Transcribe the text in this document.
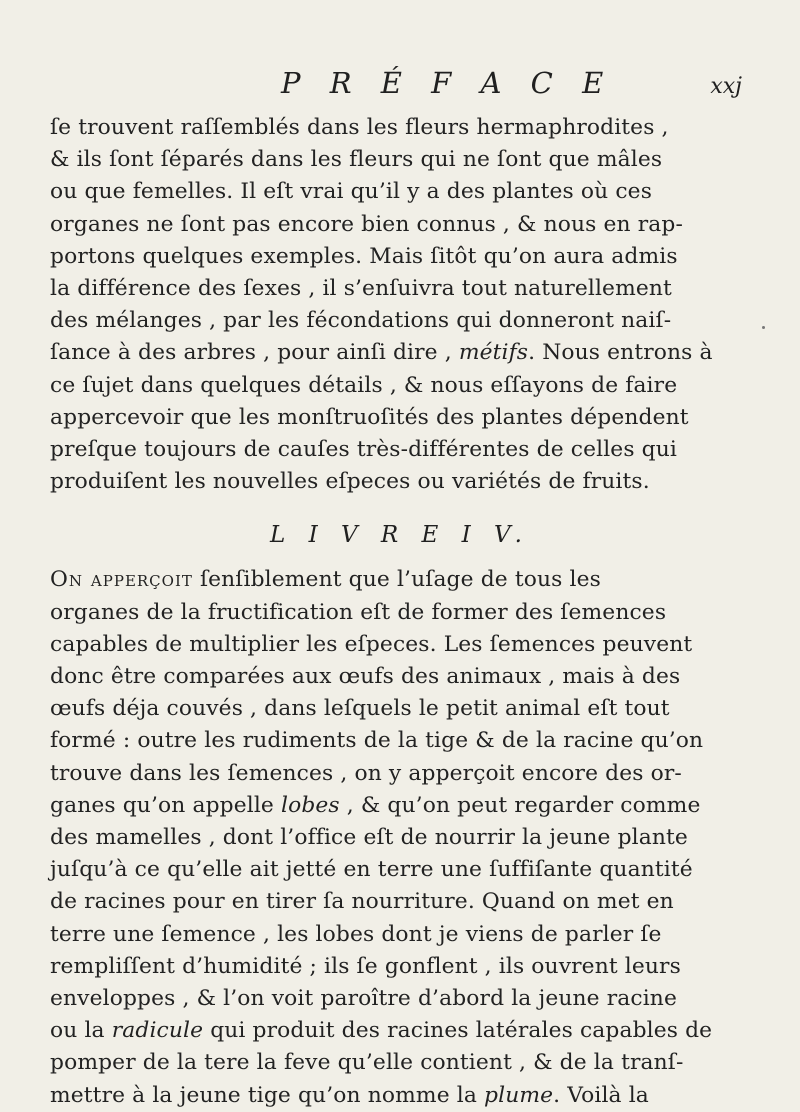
P R É F A C E	xxj
ſe trouvent raſſemblés dans les fleurs hermaphrodites ,
& ils ſont ſéparés dans les fleurs qui ne ſont que mâles
ou que femelles. Il eſt vrai qu’il y a des plantes où ces
organes ne ſont pas encore bien connus , & nous en rap-
portons quelques exemples. Mais ſitôt qu’on aura admis
la différence des ſexes , il s’enſuivra tout naturellement
des mélanges , par les fécondations qui donneront naiſ-
ſance à des arbres , pour ainſi dire , métifs. Nous entrons à
ce ſujet dans quelques détails , & nous eſſayons de faire
appercevoir que les monſtruoſités des plantes dépendent
preſque toujours de cauſes très-différentes de celles qui
produiſent les nouvelles eſpeces ou variétés de fruits.
L I V R E I V.
On apperçoit ſenſiblement que l’uſage de tous les
organes de la fructification eſt de former des ſemences
capables de multiplier les eſpeces. Les ſemences peuvent
donc être comparées aux œufs des animaux , mais à des
œufs déja couvés , dans leſquels le petit animal eſt tout
formé : outre les rudiments de la tige & de la racine qu’on
trouve dans les ſemences , on y apperçoit encore des or-
ganes qu’on appelle lobes , & qu’on peut regarder comme
des mamelles , dont l’office eſt de nourrir la jeune plante
juſqu’à ce qu’elle ait jetté en terre une ſuffiſante quantité
de racines pour en tirer ſa nourriture. Quand on met en
terre une ſemence , les lobes dont je viens de parler ſe
rempliſſent d’humidité ; ils ſe gonflent , ils ouvrent leurs
enveloppes , & l’on voit paroître d’abord la jeune racine
ou la radicule qui produit des racines latérales capables de
pomper de la tere la feve qu’elle contient , & de la tranſ-
mettre à la jeune tige qu’on nomme la plume. Voilà la
